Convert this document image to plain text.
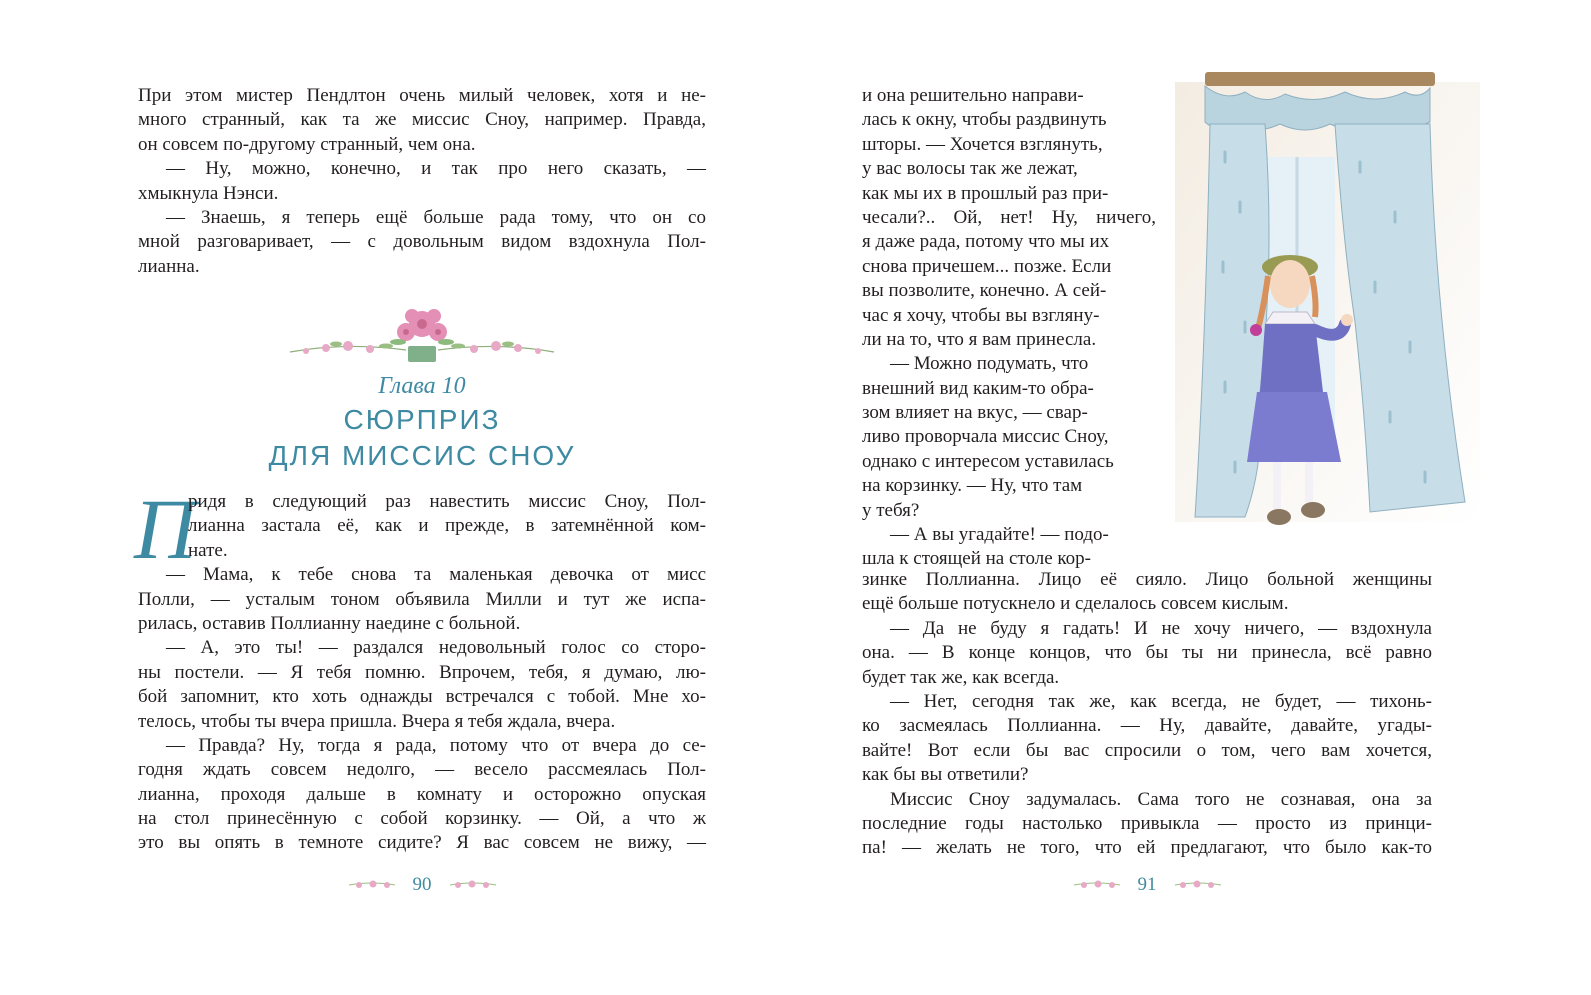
При этом мистер Пендлтон очень милый человек, хотя и не-
много странный, как та же миссис Сноу, например. Правда,
он совсем по-другому странный, чем она.
— Ну, можно, конечно, и так про него сказать, —
хмыкнула Нэнси.
— Знаешь, я теперь ещё больше рада тому, что он со
мной разговаривает, — с довольным видом вздохнула Пол-
лианна.
Глава 10
СЮРПРИЗ
ДЛЯ МИССИС СНОУ
П
ридя в следующий раз навестить миссис Сноу, Пол-
лианна застала её, как и прежде, в затемнённой ком-
нате.
— Мама, к тебе снова та маленькая девочка от мисс
Полли, — усталым тоном объявила Милли и тут же испа-
рилась, оставив Поллианну наедине с больной.
— А, это ты! — раздался недовольный голос со сторо-
ны постели. — Я тебя помню. Впрочем, тебя, я думаю, лю-
бой запомнит, кто хоть однажды встречался с тобой. Мне хо-
телось, чтобы ты вчера пришла. Вчера я тебя ждала, вчера.
— Правда? Ну, тогда я рада, потому что от вчера до се-
годня ждать совсем недолго, — весело рассмеялась Пол-
лианна, проходя дальше в комнату и осторожно опуская
на стол принесённую с собой корзинку. — Ой, а что ж
это вы опять в темноте сидите? Я вас совсем не вижу, —
90
и она решительно направи-
лась к окну, чтобы раздвинуть
шторы. — Хочется взглянуть,
у вас волосы так же лежат,
как мы их в прошлый раз при-
чесали?.. Ой, нет! Ну, ничего,
я даже рада, потому что мы их
снова причешем... позже. Если
вы позволите, конечно. А сей-
час я хочу, чтобы вы взгляну-
ли на то, что я вам принесла.
— Можно подумать, что
внешний вид каким-то обра-
зом влияет на вкус, — свар-
ливо проворчала миссис Сноу,
однако с интересом уставилась
на корзинку. — Ну, что там
у тебя?
— А вы угадайте! — подо-
шла к стоящей на столе кор-
зинке Поллианна. Лицо её сияло. Лицо больной женщины
ещё больше потускнело и сделалось совсем кислым.
— Да не буду я гадать! И не хочу ничего, — вздохнула
она. — В конце концов, что бы ты ни принесла, всё равно
будет так же, как всегда.
— Нет, сегодня так же, как всегда, не будет, — тихонь-
ко засмеялась Поллианна. — Ну, давайте, давайте, угады-
вайте! Вот если бы вас спросили о том, чего вам хочется,
как бы вы ответили?
Миссис Сноу задумалась. Сама того не сознавая, она за
последние годы настолько привыкла — просто из принци-
па! — желать не того, что ей предлагают, что было как-то
91
